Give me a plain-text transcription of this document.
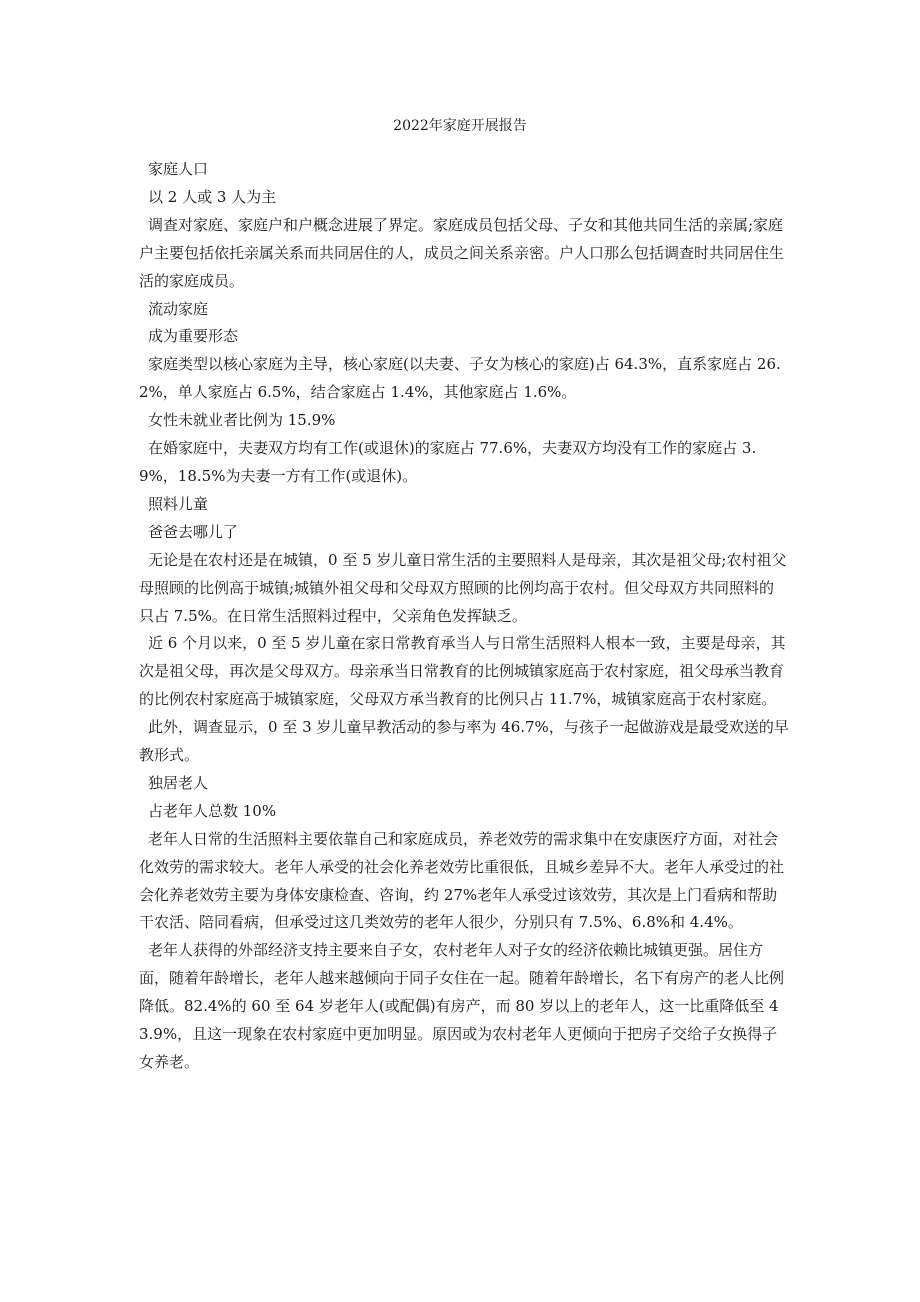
2022年家庭开展报告

家庭人口

以 2 人或 3 人为主

调查对家庭、家庭户和户概念进展了界定。家庭成员包括父母、子女和其他共同生活的亲属;家庭户主要包括依托亲属关系而共同居住的人，成员之间关系亲密。户人口那么包括调查时共同居住生活的家庭成员。

流动家庭

成为重要形态

家庭类型以核心家庭为主导，核心家庭(以夫妻、子女为核心的家庭)占 64.3%，直系家庭占 26.2%，单人家庭占 6.5%，结合家庭占 1.4%，其他家庭占 1.6%。

女性未就业者比例为 15.9%

在婚家庭中，夫妻双方均有工作(或退休)的家庭占 77.6%，夫妻双方均没有工作的家庭占 3.9%，18.5%为夫妻一方有工作(或退休)。

照料儿童

爸爸去哪儿了

无论是在农村还是在城镇，0 至 5 岁儿童日常生活的主要照料人是母亲，其次是祖父母;农村祖父母照顾的比例高于城镇;城镇外祖父母和父母双方照顾的比例均高于农村。但父母双方共同照料的只占 7.5%。在日常生活照料过程中，父亲角色发挥缺乏。

近 6 个月以来，0 至 5 岁儿童在家日常教育承当人与日常生活照料人根本一致，主要是母亲，其次是祖父母，再次是父母双方。母亲承当日常教育的比例城镇家庭高于农村家庭，祖父母承当教育的比例农村家庭高于城镇家庭，父母双方承当教育的比例只占 11.7%，城镇家庭高于农村家庭。

此外，调查显示，0 至 3 岁儿童早教活动的参与率为 46.7%，与孩子一起做游戏是最受欢送的早教形式。

独居老人

占老年人总数 10%

老年人日常的生活照料主要依靠自己和家庭成员，养老效劳的需求集中在安康医疗方面，对社会化效劳的需求较大。老年人承受的社会化养老效劳比重很低，且城乡差异不大。老年人承受过的社会化养老效劳主要为身体安康检查、咨询，约 27%老年人承受过该效劳，其次是上门看病和帮助干农活、陪同看病，但承受过这几类效劳的老年人很少，分别只有 7.5%、6.8%和 4.4%。

老年人获得的外部经济支持主要来自子女，农村老年人对子女的经济依赖比城镇更强。居住方面，随着年龄增长，老年人越来越倾向于同子女住在一起。随着年龄增长，名下有房产的老人比例降低。82.4%的 60 至 64 岁老年人(或配偶)有房产，而 80 岁以上的老年人，这一比重降低至 43.9%，且这一现象在农村家庭中更加明显。原因或为农村老年人更倾向于把房子交给子女换得子女养老。
